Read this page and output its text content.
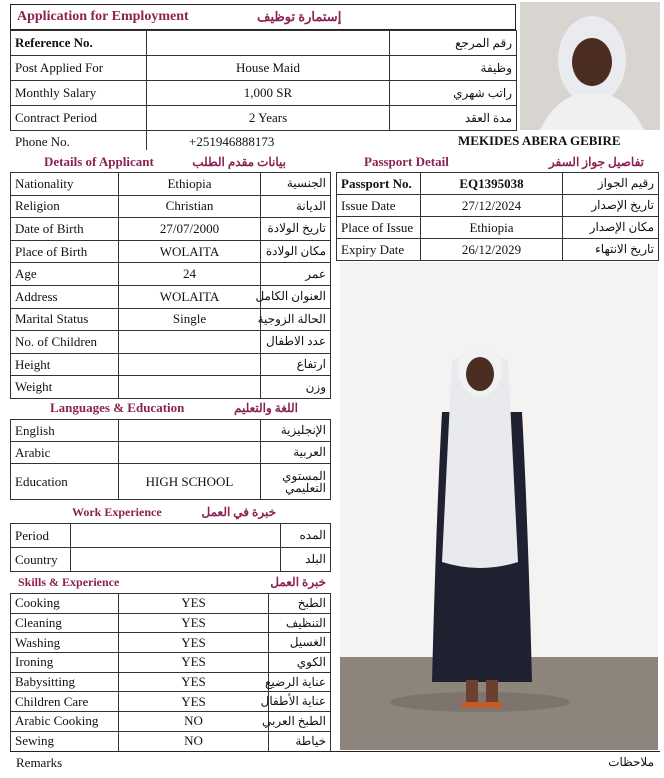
Application for Employment	إستمارة توظيف
Reference No.		رقم المرجع
Post Applied For	House Maid	وظيفة
Monthly Salary	1,000 SR	راتب شهري
Contract Period	2 Years	مدة العقد
Phone No.	+251946888173	MEKIDES ABERA GEBIRE
Details of Applicant	بيانات مقدم الطلب
Nationality	Ethiopia	الجنسية
Religion	Christian	الديانة
Date of Birth	27/07/2000	تاريخ الولادة
Place of Birth	WOLAITA	مكان الولادة
Age	24	عمر
Address	WOLAITA	العنوان الكامل
Marital Status	Single	الحالة الزوجية
No. of Children		عدد الاطفال
Height		ارتفاع
Weight		وزن
Passport Detail	تفاصيل جواز السفر
Passport No.	EQ1395038	رقيم الجواز
Issue Date	27/12/2024	تاريخ الإصدار
Place of Issue	Ethiopia	مكان الإصدار
Expiry Date	26/12/2029	تاريخ الانتهاء
Languages & Education	اللغة والتعليم
English		الإنجليزية
Arabic		العربية
Education	HIGH SCHOOL	المستوي التعليمي
Work Experience	خبرة في العمل
Period		المده
Country		البلد
Skills & Experience	خبرة العمل
Cooking	YES	الطبخ
Cleaning	YES	التنظيف
Washing	YES	الغسيل
Ironing	YES	الكوي
Babysitting	YES	عناية الرضيع
Children Care	YES	عناية الأطفال
Arabic Cooking	NO	الطبخ العربي
Sewing	NO	خياطة
Remarks	ملاحظات
